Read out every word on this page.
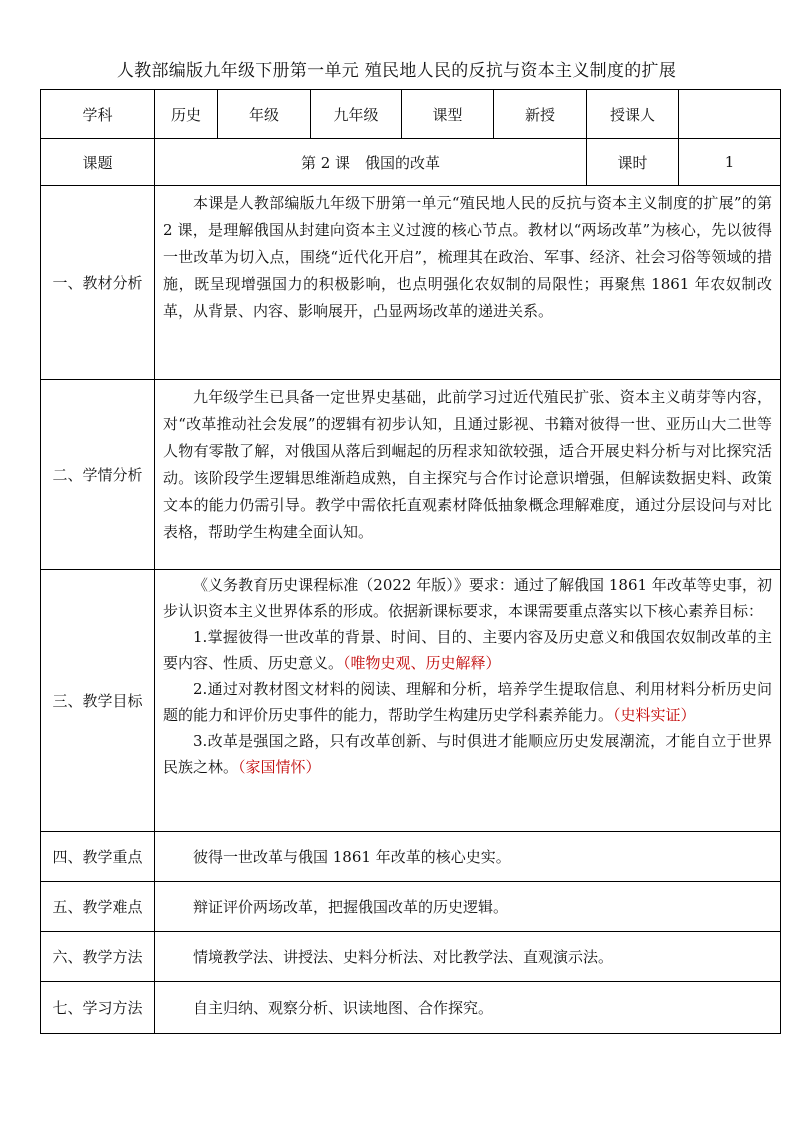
人教部编版九年级下册第一单元 殖民地人民的反抗与资本主义制度的扩展
学科	历史	年级	九年级	课型	新授	授课人
课题	第 2 课　俄国的改革	课时	1
一、教材分析

本课是人教部编版九年级下册第一单元“殖民地人民的反抗与资本主义制度的扩展”的第 2 课，是理解俄国从封建向资本主义过渡的核心节点。教材以“两场改革”为核心，先以彼得一世改革为切入点，围绕“近代化开启”，梳理其在政治、军事、经济、社会习俗等领域的措施，既呈现增强国力的积极影响，也点明强化农奴制的局限性；再聚焦 1861 年农奴制改革，从背景、内容、影响展开，凸显两场改革的递进关系。

二、学情分析

九年级学生已具备一定世界史基础，此前学习过近代殖民扩张、资本主义萌芽等内容，对“改革推动社会发展”的逻辑有初步认知，且通过影视、书籍对彼得一世、亚历山大二世等人物有零散了解，对俄国从落后到崛起的历程求知欲较强，适合开展史料分析与对比探究活动。该阶段学生逻辑思维渐趋成熟，自主探究与合作讨论意识增强，但解读数据史料、政策文本的能力仍需引导。教学中需依托直观素材降低抽象概念理解难度，通过分层设问与对比表格，帮助学生构建全面认知。

三、教学目标

《义务教育历史课程标准（2022 年版）》要求：通过了解俄国 1861 年改革等史事，初步认识资本主义世界体系的形成。依据新课标要求，本课需要重点落实以下核心素养目标：

1.掌握彼得一世改革的背景、时间、目的、主要内容及历史意义和俄国农奴制改革的主要内容、性质、历史意义。（唯物史观、历史解释）

2.通过对教材图文材料的阅读、理解和分析，培养学生提取信息、利用材料分析历史问题的能力和评价历史事件的能力，帮助学生构建历史学科素养能力。（史料实证）

3.改革是强国之路，只有改革创新、与时俱进才能顺应历史发展潮流，才能自立于世界民族之林。（家国情怀）

四、教学重点	彼得一世改革与俄国 1861 年改革的核心史实。
五、教学难点	辩证评价两场改革，把握俄国改革的历史逻辑。
六、教学方法	情境教学法、讲授法、史料分析法、对比教学法、直观演示法。
七、学习方法	自主归纳、观察分析、识读地图、合作探究。
